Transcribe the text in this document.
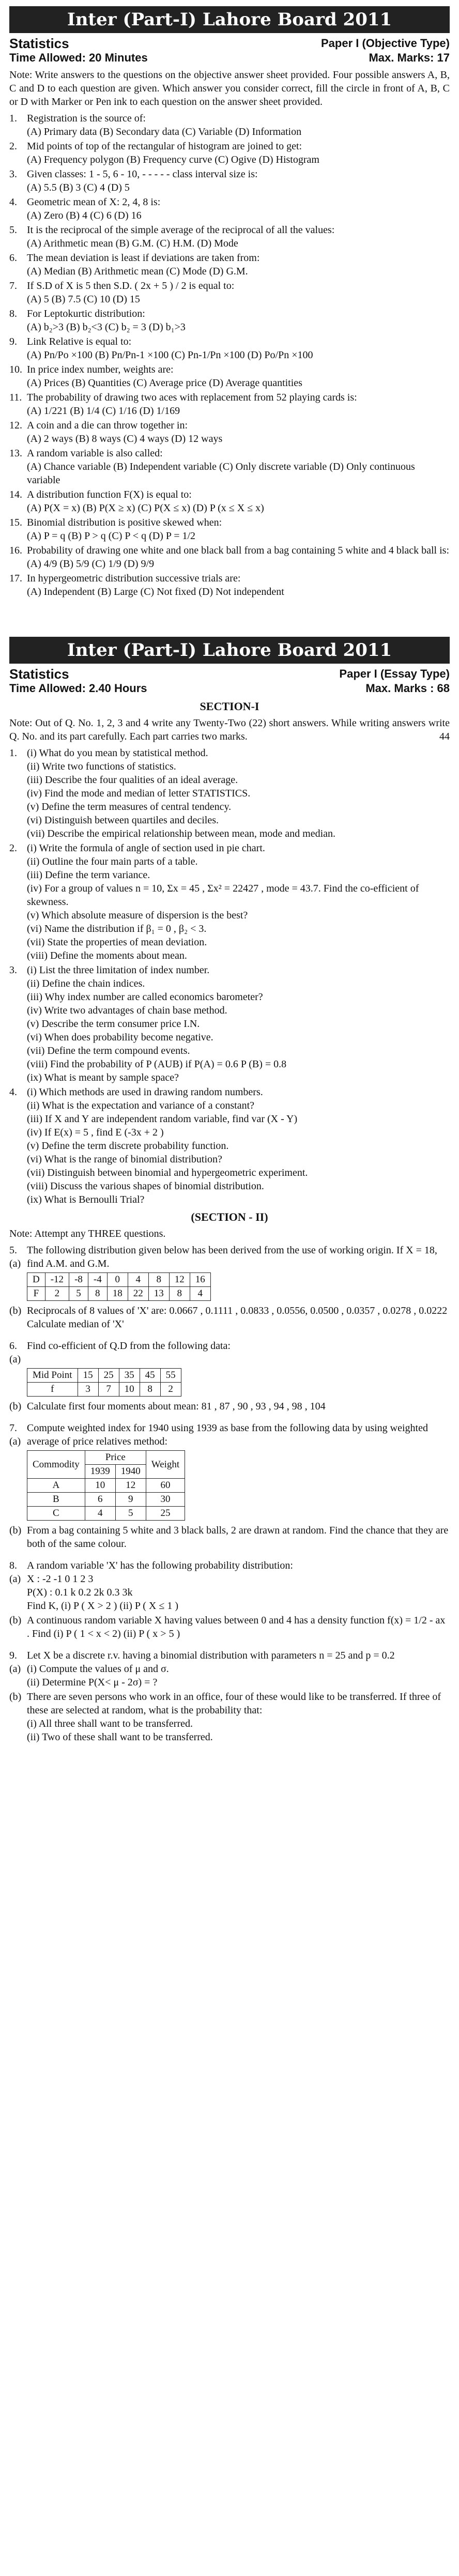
Inter (Part-I) Lahore Board 2011
Statistics	Paper I (Objective Type)
Time Allowed: 20 Minutes	Max. Marks: 17
Note: Write answers to the questions on the objective answer sheet provided. Four possible answers A, B, C and D to each question are given. Which answer you consider correct, fill the circle in front of A, B, C or D with Marker or Pen ink to each question on the answer sheet provided.
1. Registration is the source of:
(A) Primary data (B) Secondary data (C) Variable (D) Information
2. Mid points of top of the rectangular of histogram are joined to get:
(A) Frequency polygon (B) Frequency curve (C) Ogive (D) Histogram
3. Given classes: 1 - 5, 6 - 10, - - - - - class interval size is:
(A) 5.5 (B) 3 (C) 4 (D) 5
4. Geometric mean of X: 2, 4, 8 is:
(A) Zero (B) 4 (C) 6 (D) 16
5. It is the reciprocal of the simple average of the reciprocal of all the values:
(A) Arithmetic mean (B) G.M. (C) H.M. (D) Mode
6. The mean deviation is least if deviations are taken from:
(A) Median (B) Arithmetic mean (C) Mode (D) G.M.
7. If S.D of X is 5 then S.D. ( 2x + 5 ) / 2 is equal to:
(A) 5 (B) 7.5 (C) 10 (D) 15
8. For Leptokurtic distribution:
(A) b₂>3 (B) b₂<3 (C) b₂ = 3 (D) b₁>3
9. Link Relative is equal to:
(A) Pn/Po ×100 (B) Pn/Pn-1 ×100 (C) Pn-1/Pn ×100 (D) Po/Pn ×100
10. In price index number, weights are:
(A) Prices (B) Quantities (C) Average price (D) Average quantities
11. The probability of drawing two aces with replacement from 52 playing cards is:
(A) 1/221 (B) 1/4 (C) 1/16 (D) 1/169
12. A coin and a die can throw together in:
(A) 2 ways (B) 8 ways (C) 4 ways (D) 12 ways
13. A random variable is also called:
(A) Chance variable (B) Independent variable (C) Only discrete variable (D) Only continuous variable
14. A distribution function F(X) is equal to:
(A) P(X = x) (B) P(X ≥ x) (C) P(X ≤ x) (D) P (x ≤ X ≤ x)
15. Binomial distribution is positive skewed when:
(A) P = q (B) P > q (C) P < q (D) P = 1/2
16. Probability of drawing one white and one black ball from a bag containing 5 white and 4 black ball is:
(A) 4/9 (B) 5/9 (C) 1/9 (D) 9/9
17. In hypergeometric distribution successive trials are:
(A) Independent (B) Large (C) Not fixed (D) Not independent
Inter (Part-I) Lahore Board 2011
Statistics	Paper I (Essay Type)
Time Allowed: 2.40 Hours	Max. Marks : 68
SECTION-I
Note: Out of Q. No. 1, 2, 3 and 4 write any Twenty-Two (22) short answers. While writing answers write Q. No. and its part carefully. Each part carries two marks.	44
1. (i) What do you mean by statistical method.
(ii) Write two functions of statistics.
(iii) Describe the four qualities of an ideal average.
(iv) Find the mode and median of letter STATISTICS.
(v) Define the term measures of central tendency.
(vi) Distinguish between quartiles and deciles.
(vii) Describe the empirical relationship between mean, mode and median.
2. (i) Write the formula of angle of section used in pie chart.
(ii) Outline the four main parts of a table.
(iii) Define the term variance.
(iv) For a group of values n = 10, Σx = 45 , Σx² = 22427 , mode = 43.7. Find the co-efficient of skewness.
(v) Which absolute measure of dispersion is the best?
(vi) Name the distribution if β₁ = 0 , β₂ < 3.
(vii) State the properties of mean deviation.
(viii) Define the moments about mean.
3. (i) List the three limitation of index number.
(ii) Define the chain indices.
(iii) Why index number are called economics barometer?
(iv) Write two advantages of chain base method.
(v) Describe the term consumer price I.N.
(vi) When does probability become negative.
(vii) Define the term compound events.
(viii) Find the probability of P (AUB) if P(A) = 0.6 P (B) = 0.8
(ix) What is meant by sample space?
4. (i) Which methods are used in drawing random numbers.
(ii) What is the expectation and variance of a constant?
(iii) If X and Y are independent random variable, find var (X - Y)
(iv) If E(x) = 5 , find E (-3x + 2 )
(v) Define the term discrete probability function.
(vi) What is the range of binomial distribution?
(vii) Distinguish between binomial and hypergeometric experiment.
(viii) Discuss the various shapes of binomial distribution.
(ix) What is Bernoulli Trial?
(SECTION - II)
Note: Attempt any THREE questions.
5.(a)
The following distribution given below has been derived from the use of working origin. If X = 18, find A.M. and G.M.
D	-12	-8	-4	0	4	8	12	16
F	2	5	8	18	22	13	8	4
(b) Reciprocals of 8 values of 'X' are: 0.0667 , 0.1111 , 0.0833 , 0.0556, 0.0500 , 0.0357 , 0.0278 , 0.0222 Calculate median of 'X'
6.(a)
Find co-efficient of Q.D from the following data:
Mid Point	15	25	35	45	55
f	3	7	10	8	2
(b) Calculate first four moments about mean: 81 , 87 , 90 , 93 , 94 , 98 , 104
7.(a)
Compute weighted index for 1940 using 1939 as base from the following data by using weighted average of price relatives method:
Commodity	Price		Weight
	1939	1940	
A	10	12	60
B	6	9	30
C	4	5	25
(b) From a bag containing 5 white and 3 black balls, 2 are drawn at random. Find the chance that they are both of the same colour.
8.(a)
A random variable 'X' has the following probability distribution:
X : -2 -1 0 1 2 3
P(X) : 0.1 k 0.2 2k 0.3 3k
Find K, (i) P ( X > 2 ) (ii) P ( X ≤ 1 )
(b) A continuous random variable X having values between 0 and 4 has a density function f(x) = 1/2 - ax . Find (i) P ( 1 < x < 2) (ii) P ( x > 5 )
9.(a)
Let X be a discrete r.v. having a binomial distribution with parameters n = 25 and p = 0.2
(i) Compute the values of μ and σ.
(ii) Determine P(X< μ - 2σ) = ?
(b) There are seven persons who work in an office, four of these would like to be transferred. If three of these are selected at random, what is the probability that:
(i) All three shall want to be transferred.
(ii) Two of these shall want to be transferred.
